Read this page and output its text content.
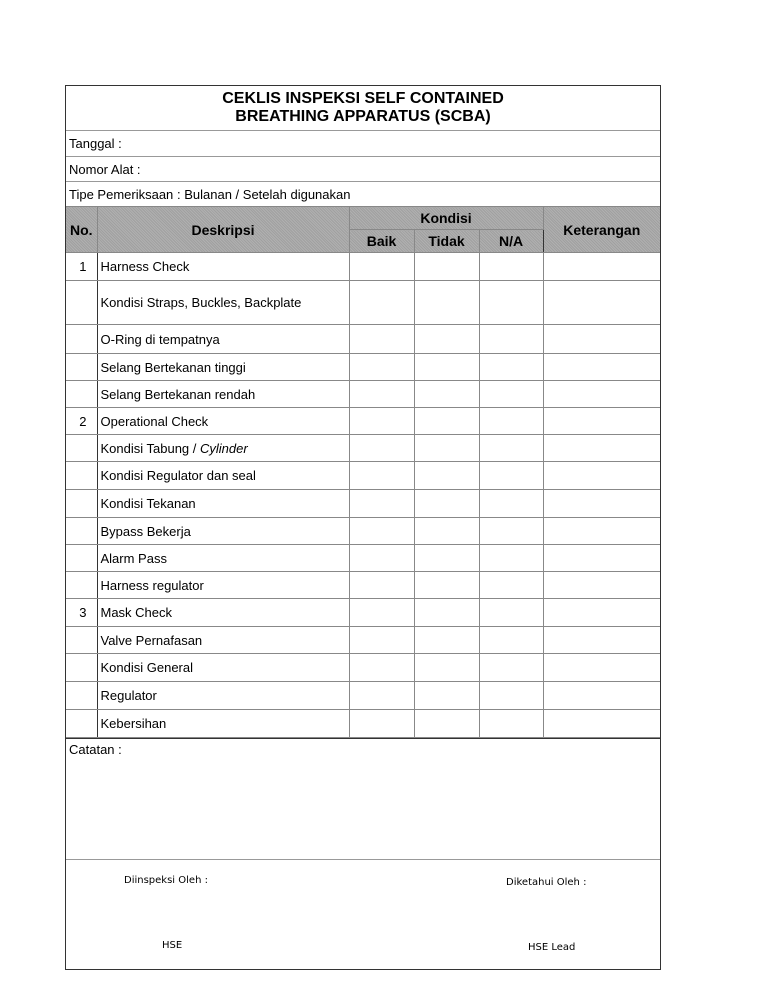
CEKLIS INSPEKSI SELF CONTAINED
BREATHING APPARATUS (SCBA)
Tanggal :
Nomor Alat :
Tipe Pemeriksaan : Bulanan / Setelah digunakan
No.	Deskripsi	Kondisi			Keterangan
		Baik	Tidak	N/A	
1	Harness Check				
	Kondisi Straps, Buckles, Backplate				
	O-Ring di tempatnya				
	Selang Bertekanan tinggi				
	Selang Bertekanan rendah				
2	Operational Check				
	Kondisi Tabung / Cylinder				
	Kondisi Regulator dan seal				
	Kondisi Tekanan				
	Bypass Bekerja				
	Alarm Pass				
	Harness regulator				
3	Mask Check				
	Valve Pernafasan				
	Kondisi General				
	Regulator				
	Kebersihan				
Catatan :
Diinspeksi Oleh :	Diketahui Oleh :
HSE	HSE Lead
